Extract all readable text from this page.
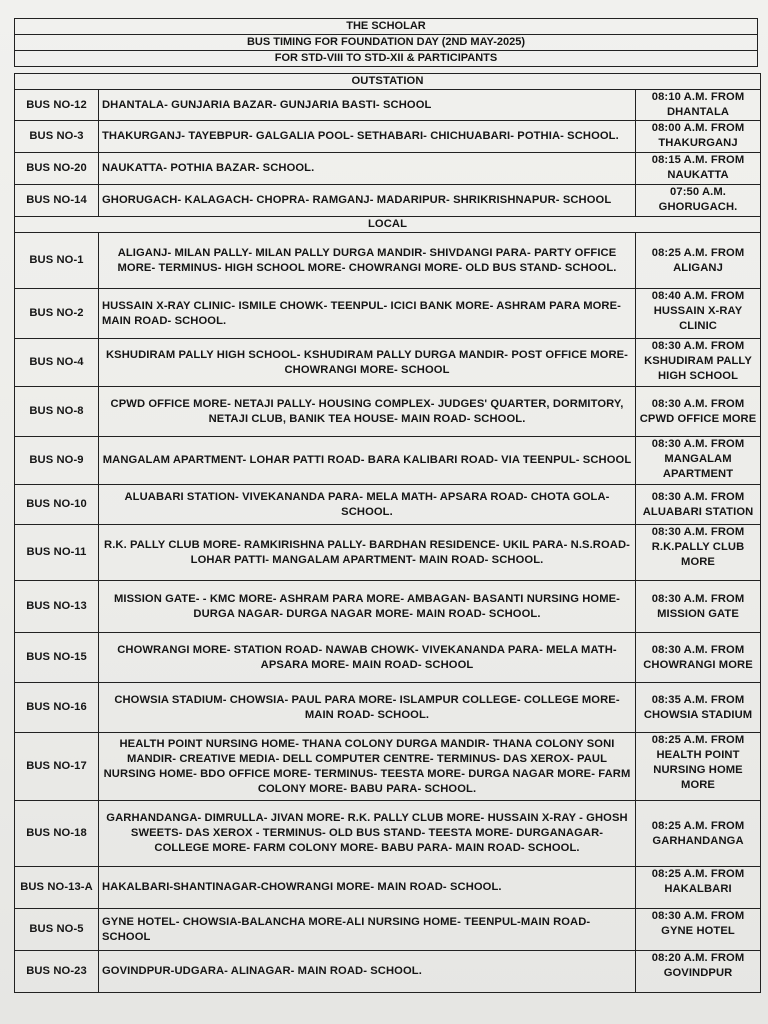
THE SCHOLAR
BUS TIMING FOR FOUNDATION DAY (2ND MAY-2025)
FOR STD-VIII TO STD-XII & PARTICIPANTS
OUTSTATION		
BUS NO-12	DHANTALA- GUNJARIA BAZAR- GUNJARIA BASTI- SCHOOL	08:10 A.M. FROM DHANTALA
BUS NO-3	THAKURGANJ- TAYEBPUR- GALGALIA POOL- SETHABARI- CHICHUABARI- POTHIA- SCHOOL.	08:00 A.M. FROM THAKURGANJ
BUS NO-20	NAUKATTA- POTHIA BAZAR- SCHOOL.	08:15 A.M. FROM NAUKATTA
BUS NO-14	GHORUGACH- KALAGACH- CHOPRA- RAMGANJ- MADARIPUR- SHRIKRISHNAPUR- SCHOOL	07:50 A.M. GHORUGACH.
LOCAL		
BUS NO-1	ALIGANJ- MILAN PALLY- MILAN PALLY DURGA MANDIR- SHIVDANGI PARA- PARTY OFFICE MORE- TERMINUS- HIGH SCHOOL MORE- CHOWRANGI MORE- OLD BUS STAND- SCHOOL.	08:25 A.M. FROM ALIGANJ
BUS NO-2	HUSSAIN X-RAY CLINIC- ISMILE CHOWK- TEENPUL- ICICI BANK MORE- ASHRAM PARA MORE- MAIN ROAD- SCHOOL.	08:40 A.M. FROM HUSSAIN X-RAY CLINIC
BUS NO-4	KSHUDIRAM PALLY HIGH SCHOOL- KSHUDIRAM PALLY DURGA MANDIR- POST OFFICE MORE- CHOWRANGI MORE- SCHOOL	08:30 A.M. FROM KSHUDIRAM PALLY HIGH SCHOOL
BUS NO-8	CPWD OFFICE MORE- NETAJI PALLY- HOUSING COMPLEX- JUDGES' QUARTER, DORMITORY, NETAJI CLUB, BANIK TEA HOUSE- MAIN ROAD- SCHOOL.	08:30 A.M. FROM CPWD OFFICE MORE
BUS NO-9	MANGALAM APARTMENT- LOHAR PATTI ROAD- BARA KALIBARI ROAD- VIA TEENPUL- SCHOOL	08:30 A.M. FROM MANGALAM APARTMENT
BUS NO-10	ALUABARI STATION- VIVEKANANDA PARA- MELA MATH- APSARA ROAD- CHOTA GOLA- SCHOOL.	08:30 A.M. FROM ALUABARI STATION
BUS NO-11	R.K. PALLY CLUB MORE- RAMKIRISHNA PALLY- BARDHAN RESIDENCE- UKIL PARA- N.S.ROAD- LOHAR PATTI- MANGALAM APARTMENT- MAIN ROAD- SCHOOL.	08:30 A.M. FROM R.K.PALLY CLUB MORE
BUS NO-13	MISSION GATE- - KMC MORE- ASHRAM PARA MORE- AMBAGAN- BASANTI NURSING HOME- DURGA NAGAR- DURGA NAGAR MORE- MAIN ROAD- SCHOOL.	08:30 A.M. FROM MISSION GATE
BUS NO-15	CHOWRANGI MORE- STATION ROAD- NAWAB CHOWK- VIVEKANANDA PARA- MELA MATH- APSARA MORE- MAIN ROAD- SCHOOL	08:30 A.M. FROM CHOWRANGI MORE
BUS NO-16	CHOWSIA STADIUM- CHOWSIA- PAUL PARA MORE- ISLAMPUR COLLEGE- COLLEGE MORE- MAIN ROAD- SCHOOL.	08:35 A.M. FROM CHOWSIA STADIUM
BUS NO-17	HEALTH POINT NURSING HOME- THANA COLONY DURGA MANDIR- THANA COLONY SONI MANDIR- CREATIVE MEDIA- DELL COMPUTER CENTRE- TERMINUS- DAS XEROX- PAUL NURSING HOME- BDO OFFICE MORE- TERMINUS- TEESTA MORE- DURGA NAGAR MORE- FARM COLONY MORE- BABU PARA- SCHOOL.	08:25 A.M. FROM HEALTH POINT NURSING HOME MORE
BUS NO-18	GARHANDANGA- DIMRULLA- JIVAN MORE- R.K. PALLY CLUB MORE- HUSSAIN X-RAY - GHOSH SWEETS- DAS XEROX - TERMINUS- OLD BUS STAND- TEESTA MORE- DURGANAGAR- COLLEGE MORE- FARM COLONY MORE- BABU PARA- MAIN ROAD- SCHOOL.	08:25 A.M. FROM GARHANDANGA
BUS NO-13-A	HAKALBARI-SHANTINAGAR-CHOWRANGI MORE- MAIN ROAD- SCHOOL.	08:25 A.M. FROM HAKALBARI
BUS NO-5	GYNE HOTEL- CHOWSIA-BALANCHA MORE-ALI NURSING HOME- TEENPUL-MAIN ROAD- SCHOOL	08:30 A.M. FROM GYNE HOTEL
BUS NO-23	GOVINDPUR-UDGARA- ALINAGAR- MAIN ROAD- SCHOOL.	08:20 A.M. FROM GOVINDPUR
